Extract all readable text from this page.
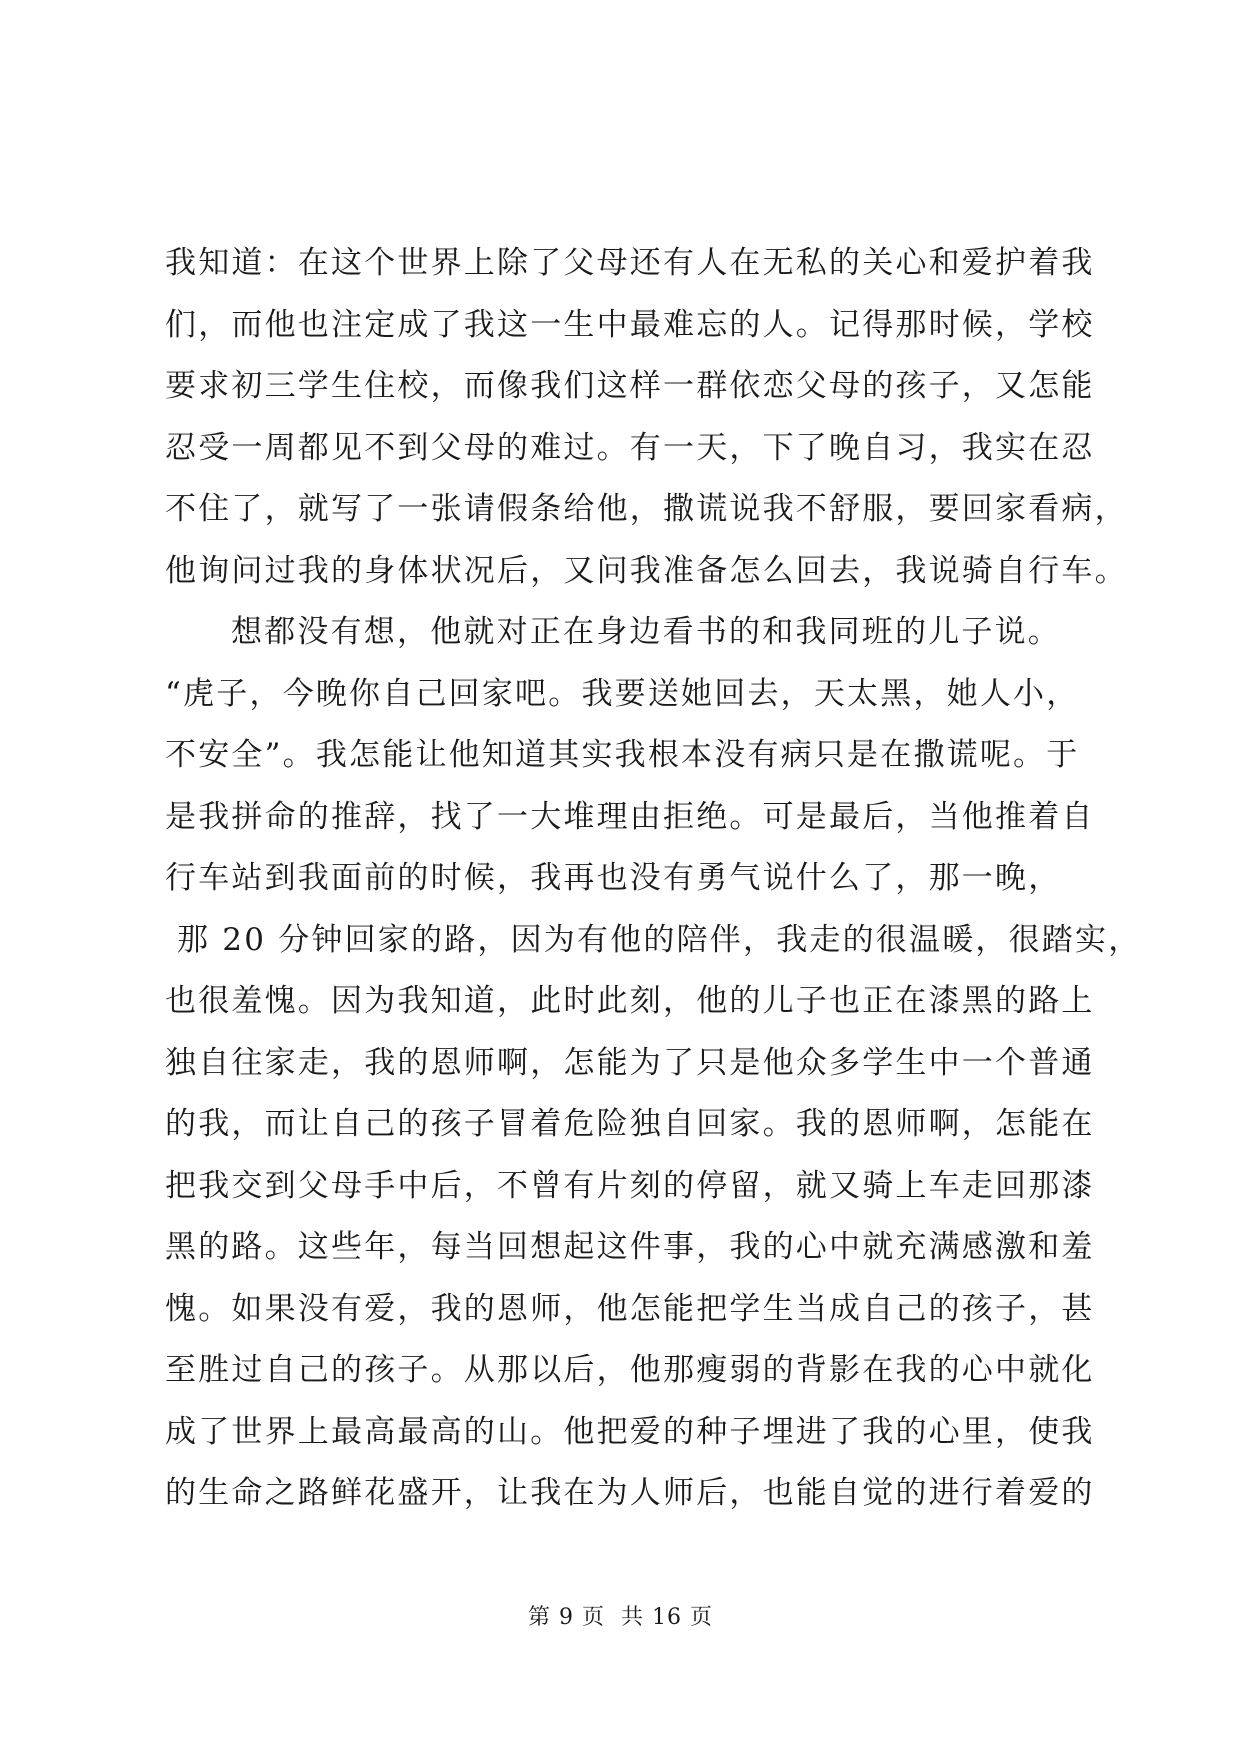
我知道：在这个世界上除了父母还有人在无私的关心和爱护着我
们，而他也注定成了我这一生中最难忘的人。记得那时候，学校
要求初三学生住校，而像我们这样一群依恋父母的孩子，又怎能
忍受一周都见不到父母的难过。有一天，下了晚自习，我实在忍
不住了，就写了一张请假条给他，撒谎说我不舒服，要回家看病，
他询问过我的身体状况后，又问我准备怎么回去，我说骑自行车。
想都没有想，他就对正在身边看书的和我同班的儿子说。
“虎子，今晚你自己回家吧。我要送她回去，天太黑，她人小，
不安全”。我怎能让他知道其实我根本没有病只是在撒谎呢。于
是我拼命的推辞，找了一大堆理由拒绝。可是最后，当他推着自
行车站到我面前的时候，我再也没有勇气说什么了，那一晚，
那 20 分钟回家的路，因为有他的陪伴，我走的很温暖，很踏实，
也很羞愧。因为我知道，此时此刻，他的儿子也正在漆黑的路上
独自往家走，我的恩师啊，怎能为了只是他众多学生中一个普通
的我，而让自己的孩子冒着危险独自回家。我的恩师啊，怎能在
把我交到父母手中后，不曾有片刻的停留，就又骑上车走回那漆
黑的路。这些年，每当回想起这件事，我的心中就充满感激和羞
愧。如果没有爱，我的恩师，他怎能把学生当成自己的孩子，甚
至胜过自己的孩子。从那以后，他那瘦弱的背影在我的心中就化
成了世界上最高最高的山。他把爱的种子埋进了我的心里，使我
的生命之路鲜花盛开，让我在为人师后，也能自觉的进行着爱的
第 9 页  共 16 页
